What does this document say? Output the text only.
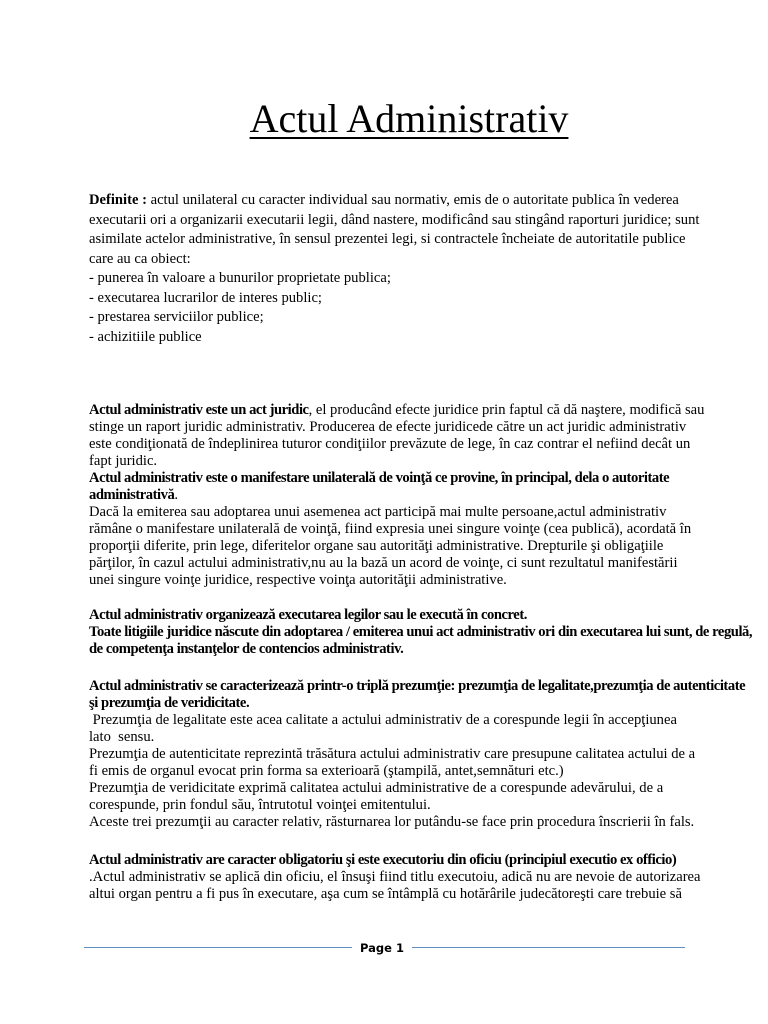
Actul Administrativ
Definite : actul unilateral cu caracter individual sau normativ, emis de o autoritate publica în vederea
executarii ori a organizarii executarii legii, dând nastere, modificând sau stingând raporturi juridice; sunt
asimilate actelor administrative, în sensul prezentei legi, si contractele încheiate de autoritatile publice
care au ca obiect:
- punerea în valoare a bunurilor proprietate publica;
- executarea lucrarilor de interes public;
- prestarea serviciilor publice;
- achizitiile publice
Actul administrativ este un act juridic, el producând efecte juridice prin faptul că dă naştere, modifică sau
stinge un raport juridic administrativ. Producerea de efecte juridicede către un act juridic administrativ
este condiţionată de îndeplinirea tuturor condiţiilor prevăzute de lege, în caz contrar el nefiind decât un
fapt juridic.
Actul administrativ este o manifestare unilaterală de voinţă ce provine, în principal, dela o autoritate
administrativă.
Dacă la emiterea sau adoptarea unui asemenea act participă mai multe persoane,actul administrativ
rămâne o manifestare unilaterală de voinţă, fiind expresia unei singure voinţe (cea publică), acordată în
proporţii diferite, prin lege, diferitelor organe sau autorităţi administrative. Drepturile şi obligaţiile
părţilor, în cazul actului administrativ,nu au la bază un acord de voinţe, ci sunt rezultatul manifestării
unei singure voinţe juridice, respective voinţa autorităţii administrative.
Actul administrativ organizează executarea legilor sau le execută în concret.
Toate litigiile juridice născute din adoptarea / emiterea unui act administrativ ori din executarea lui sunt, de regulă,
de competenţa instanţelor de contencios administrativ.
Actul administrativ se caracterizează printr-o triplă prezumţie: prezumţia de legalitate,prezumţia de autenticitate
şi prezumţia de veridicitate.
Prezumţia de legalitate este acea calitate a actului administrativ de a corespunde legii în accepţiunea
lato  sensu.
Prezumţia de autenticitate reprezintă trăsătura actului administrativ care presupune calitatea actului de a
fi emis de organul evocat prin forma sa exterioară (ştampilă, antet,semnături etc.)
Prezumţia de veridicitate exprimă calitatea actului administrative de a corespunde adevărului, de a
corespunde, prin fondul său, întrutotul voinţei emitentului.
Aceste trei prezumţii au caracter relativ, răsturnarea lor putându-se face prin procedura înscrierii în fals.
Actul administrativ are caracter obligatoriu şi este executoriu din oficiu (principiul executio ex officio)
.Actul administrativ se aplică din oficiu, el însuşi fiind titlu executoiu, adică nu are nevoie de autorizarea
altui organ pentru a fi pus în executare, aşa cum se întâmplă cu hotărârile judecătoreşti care trebuie să
Page 1
